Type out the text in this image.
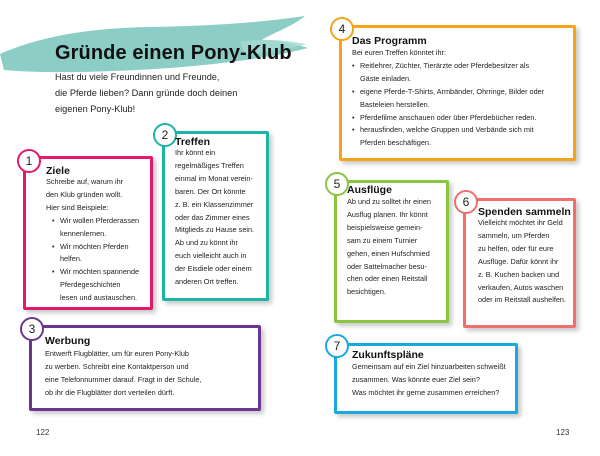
Gründe einen Pony-Klub
Hast du viele Freundinnen und Freunde,
die Pferde lieben? Dann gründe doch deinen
eigenen Pony-Klub!
1
Ziele
Schreibe auf, warum ihr
den Klub gründen wollt.
Hier sind Beispiele:
• Wir wollen Pferderassen
kennenlernen.
• Wir möchten Pferden
helfen.
• Wir möchten spannende
Pferdegeschichten
lesen und austauschen.
2 Treffen
Ihr könnt ein
regelmäßiges Treffen
einmal im Monat verein-
baren. Der Ort könnte
z. B. ein Klassenzimmer
oder das Zimmer eines
Mitglieds zu Hause sein.
Ab und zu könnt ihr
euch vielleicht auch in
der Eisdiele oder einem
anderen Ort treffen.
3
Werbung
Entwerft Flugblätter, um für euren Pony-Klub
zu werben. Schreibt eine Kontaktperson und
eine Telefonnummer darauf. Fragt in der Schule,
ob ihr die Flugblätter dort verteilen dürft.
4
Das Programm
Bei euren Treffen könntet ihr:
• Reitlehrer, Züchter, Tierärzte oder Pferdebesitzer als
Gäste einladen.
• eigene Pferde-T-Shirts, Armbänder, Ohrringe, Bilder oder
Basteleien herstellen.
• Pferdefilme anschauen oder über Pferdebücher reden.
• herausfinden, welche Gruppen und Verbände sich mit
Pferden beschäftigen.
5 Ausflüge
Ab und zu solltet ihr einen
Ausflug planen. Ihr könnt
beispielsweise gemein-
sam zu einem Turnier
gehen, einen Hufschmied
oder Sattelmacher besu-
chen oder einen Reitstall
besichtigen.
6
Spenden sammeln
Vielleicht möchtet ihr Geld
sammeln, um Pferden
zu helfen, oder für eure
Ausflüge. Dafür könnt ihr
z. B. Kuchen backen und
verkaufen, Autos waschen
oder im Reitstall aushelfen.
7
Zukunftspläne
Gemeinsam auf ein Ziel hinzuarbeiten schweißt
zusammen. Was könnte euer Ziel sein?
Was möchtet ihr gerne zusammen erreichen?
122	123
